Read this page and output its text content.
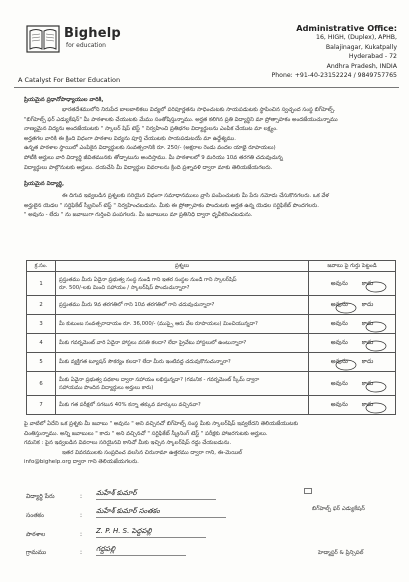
Bighelp
for education
A Catalyst For Better Education
Administrative Office:
16, HIGH, (Duplex), APHB,
Balajinagar, Kukatpally
Hyderabad - 72
Andhra Pradesh, INDIA
Phone: +91-40-23152224 / 9849757765
ప్రియమైన ప్రధానోపాధ్యాయుల వారికి,
భారతదేశములోని నిరుపేద బాలబాలికలు విద్యలో పరిపూర్ణతను సాధించుటకు సాయపడుటకు స్థాపించిన స్వచ్ఛంద సంస్థ బిగ్‌హెల్ప్.
"బిగ్‌హెల్ప్ ఫర్ ఎడ్యుకేషన్" మీ పాఠశాలకు చేయుటకు మేము సంతోషిస్తున్నాము. అర్హత కలిగిన ప్రతి విద్యార్థిని మా ప్రోత్సాహకం అందజేయుచున్నాము
నాణ్యమైన విద్యను అందజేయుటకు " స్కాలర్ షిప్ టెస్ట్ " నిర్వహించి ప్రతిభగల విద్యార్థులను ఎంపిక చేయుట మా లక్ష్యం.
అర్హతగల వారికి ఈ క్రింది విధంగా పాఠశాల విద్యను పూర్తి చేయుటకు సాయపడుటయే మా ఉద్దేశ్యము.
ఉన్నత పాఠశాల స్థాయిలో ఎంపికైన విద్యార్థులకు సంవత్సరానికి రూ. 250/- (అక్షరాల రెండు వందల యాభై రూపాయలు)
పోటీకి అర్హులు వారి విద్యార్థి జీవితమునకు తోడ్పాటును అందిస్తాము. మీ పాఠశాలలో 9 మరియు 10వ తరగతి చదువుచున్న
విద్యార్థులు పాల్గొనుటకు అర్హులు. దయచేసి మీ విద్యార్థుల వివరాలను క్రింది ప్రశ్నావళి ద్వారా మాకు తెలియజేయగలరు.
ప్రియమైన విద్యార్థి,
ఈ దిగువ ఇవ్వబడిన ప్రశ్నలకు సరియైన విధంగా సమాధానములు వ్రాసి పంపించుటకు మీ పేరు నమోదు చేసుకొనగలరు. ఒక వేళ
అర్హులైన యెడల " సర్టిఫికేట్ స్క్రీనింగ్ టెస్ట్ " నిర్వహించబడును. మీకు ఈ ప్రోత్సాహకం పొందుటకు అర్హత ఉన్న యెడల సర్టిఫికేట్ పొందగలరు.
" అవును - లేదు " ను జవాబుగా గుర్తించి పంపగలరు. మీ జవాబులు మా ప్రతినిధి ద్వారా ధృవీకరించబడును.
క్ర.సం.	ప్రశ్నలు	జవాబు పై గుర్తు పెట్టండి
1	ప్రస్తుతము మీరు ఏదైనా ప్రభుత్వ సంస్థ నుండి గాని ఇతర సంస్థల నుండి గాని స్కాలర్‌షిప్
రూ. 500/-లకు మించి సహాయం / స్కాలర్‌షిప్ పొందుచున్నారా?	అవును కాదు
2	ప్రస్తుతము మీరు 9వ తరగతిలో గాని 10వ తరగతిలో గాని చదువుచున్నారా?	అవును కాదు
3	మీ కుటుంబ సంవత్సరాదాయం రూ. 36,000/- (ముప్పై ఆరు వేల రూపాయలు) మించియున్నదా?	అవును కాదు
4	మీకు గవర్నమెంట్ వారి ఏదైనా హాస్టలు వసతి కలదా? లేదా ప్రైవేటు హాస్టలులో ఉంటున్నారా?	అవును కాదు
5	మీకు వ్యక్తిగత ట్యూషన్ సౌకర్యం కలదా? లేదా మీరు ఇంటివద్ద చదువుకొనుచున్నారా?	అవును కాదు
6	మీకు ఏవైనా ప్రభుత్వ పథకాల ద్వారా సహాయం లభిస్తున్నదా? (గమనిక - గవర్నమెంట్ స్కీమ్ ద్వారా
సహాయము పొందిన విద్యార్థులు అర్హులు కారు)	అవును కాదు
7	మీకు గత పరీక్షలో సగటున 40% కన్నా తక్కువ మార్కులు వచ్చినవా?	అవును కాదు
పై వాటిలో ఏదేని ఒక ప్రశ్నకు మీ జవాబు " అవును " అని వచ్చినచో బిగ్‌హెల్ప్ సంస్థ మీకు స్కాలర్‌షిప్ ఇవ్వలేదని తెలియజేయుటకు
చింతిస్తున్నాము. అన్ని జవాబులు " కాదు " అని వచ్చినచో " సర్టిఫికేట్ స్క్రీనింగ్ టెస్ట్ " పరీక్షకు హాజరగుటకు అర్హులు.
గమనిక : పైన ఇవ్వబడిన వివరాలు సరియైనవి కానిచో మీకు ఇచ్చిన స్కాలర్‌షిప్ రద్దు చేయబడును.
ఇతర వివరములకు సంప్రదించ వలసిన చిరునామా ఉత్తరము ద్వారా గాని, ఈ-మెయిల్
info@bighelp.org ద్వారా గాని తెలియజేయగలరు.
విద్యార్థి పేరు	: మహేశ్ కుమార్
సంతకం	:
మహేశ్ కుమార్ సంతకం
పాఠశాల	: Z. P. H. S. పెద్దపల్లి
గ్రామము	: గద్దపల్లి
బిగ్‌హెల్ప్ ఫర్ ఎడ్యుకేషన్
హెడ్మాస్టర్ & ప్రిన్సిపల్
